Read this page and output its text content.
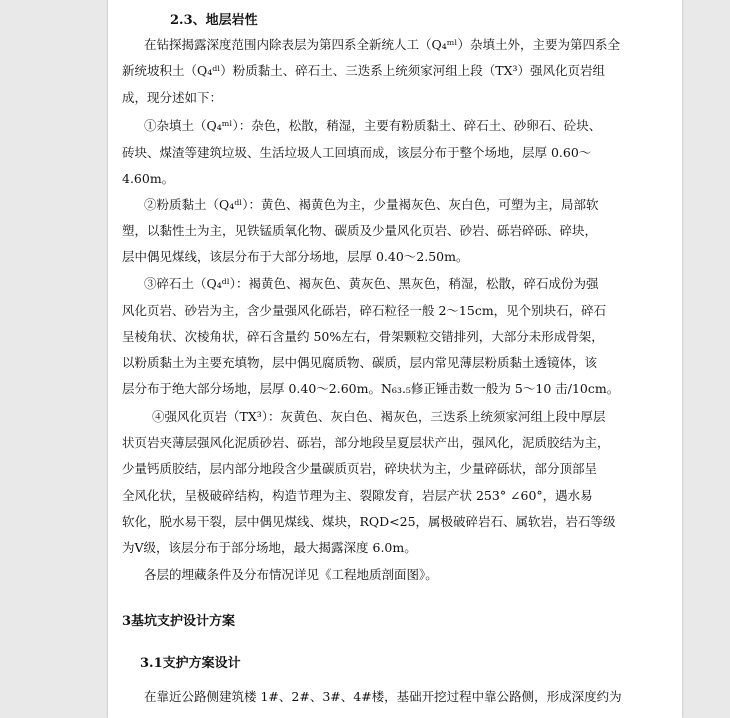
2.3、地层岩性
在钻探揭露深度范围内除表层为第四系全新统人工（Q₄ᵐˡ）杂填土外，主要为第四系全
新统坡积土（Q₄ᵈˡ）粉质黏土、碎石土、三迭系上统须家河组上段（TX³）强风化页岩组
成，现分述如下：
①杂填土（Q₄ᵐˡ）：杂色，松散，稍湿，主要有粉质黏土、碎石土、砂卵石、砼块、
砖块、煤渣等建筑垃圾、生活垃圾人工回填而成，该层分布于整个场地，层厚 0.60～
4.60m。
②粉质黏土（Q₄ᵈˡ）：黄色、褐黄色为主，少量褐灰色、灰白色，可塑为主，局部软
塑，以黏性土为主，见铁锰质氧化物、碳质及少量风化页岩、砂岩、砾岩碎砾、碎块，
层中偶见煤线，该层分布于大部分场地，层厚 0.40～2.50m。
③碎石土（Q₄ᵈˡ）：褐黄色、褐灰色、黄灰色、黑灰色，稍湿，松散，碎石成份为强
风化页岩、砂岩为主，含少量强风化砾岩，碎石粒径一般 2～15cm，见个别块石，碎石
呈棱角状、次棱角状，碎石含量约 50%左右，骨架颗粒交错排列，大部分未形成骨架，
以粉质黏土为主要充填物，层中偶见腐质物、碳质，层内常见薄层粉质黏土透镜体，该
层分布于绝大部分场地，层厚 0.40～2.60m。N₆₃.₅修正锤击数一般为 5～10 击/10cm。
④强风化页岩（TX³）：灰黄色、灰白色、褐灰色，三迭系上统须家河组上段中厚层
状页岩夹薄层强风化泥质砂岩、砾岩，部分地段呈夏层状产出，强风化，泥质胶结为主，
少量钙质胶结，层内部分地段含少量碳质页岩，碎块状为主，少量碎砾状，部分顶部呈
全风化状，呈极破碎结构，构造节理为主、裂隙发育，岩层产状 253° ∠60°，遇水易
软化，脱水易干裂，层中偶见煤线、煤块，RQD<25，属极破碎岩石、属软岩，岩石等级
为Ⅴ级，该层分布于部分场地，最大揭露深度 6.0m。
各层的埋藏条件及分布情况详见《工程地质剖面图》。
3基坑支护设计方案
3.1支护方案设计
在靠近公路侧建筑楼 1#、2#、3#、4#楼，基础开挖过程中靠公路侧，形成深度约为
